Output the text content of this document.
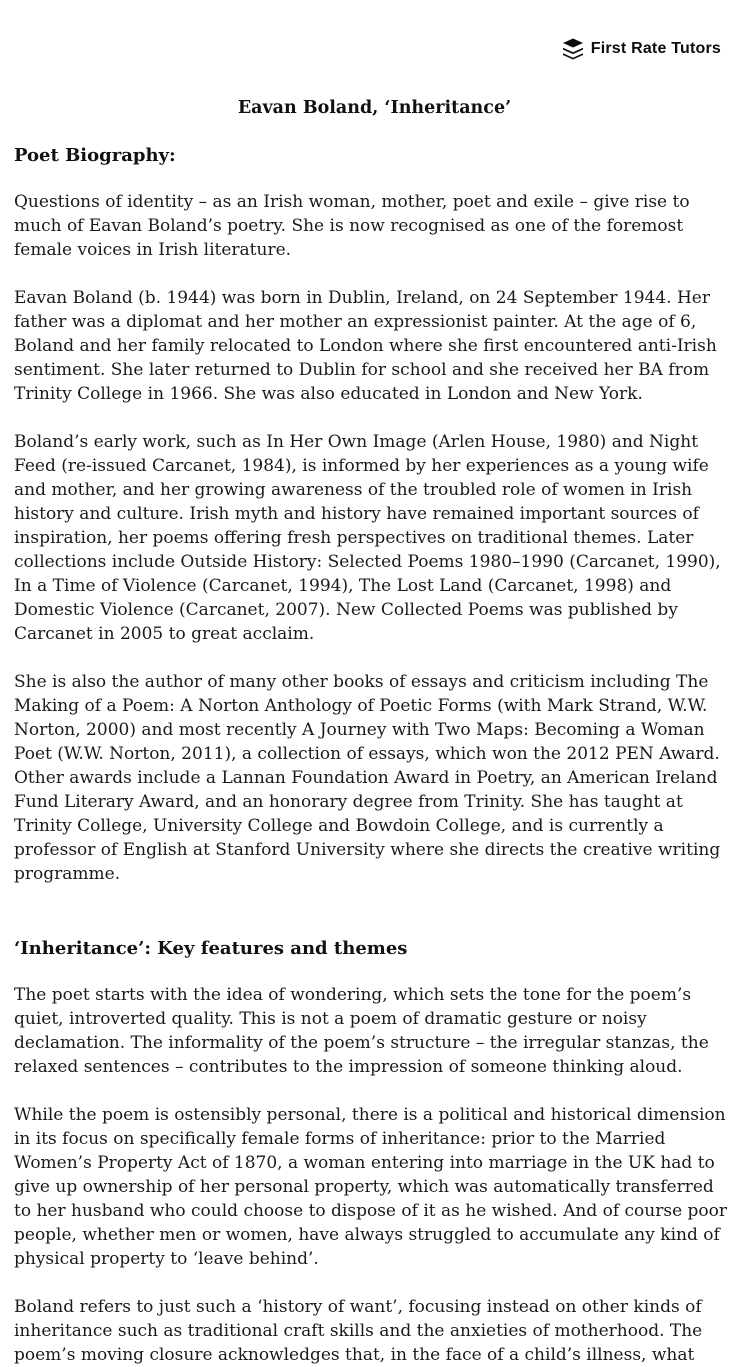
First Rate Tutors
Eavan Boland, ‘Inheritance’
Poet Biography:

Questions of identity – as an Irish woman, mother, poet and exile – give rise to much of Eavan Boland’s poetry. She is now recognised as one of the foremost female voices in Irish literature.

Eavan Boland (b. 1944) was born in Dublin, Ireland, on 24 September 1944. Her father was a diplomat and her mother an expressionist painter. At the age of 6, Boland and her family relocated to London where she first encountered anti-Irish sentiment. She later returned to Dublin for school and she received her BA from Trinity College in 1966. She was also educated in London and New York.

Boland’s early work, such as In Her Own Image (Arlen House, 1980) and Night Feed (re-issued Carcanet, 1984), is informed by her experiences as a young wife and mother, and her growing awareness of the troubled role of women in Irish history and culture. Irish myth and history have remained important sources of inspiration, her poems offering fresh perspectives on traditional themes. Later collections include Outside History: Selected Poems 1980–1990 (Carcanet, 1990), In a Time of Violence (Carcanet, 1994), The Lost Land (Carcanet, 1998) and Domestic Violence (Carcanet, 2007). New Collected Poems was published by Carcanet in 2005 to great acclaim.

She is also the author of many other books of essays and criticism including The Making of a Poem: A Norton Anthology of Poetic Forms (with Mark Strand, W.W. Norton, 2000) and most recently A Journey with Two Maps: Becoming a Woman Poet (W.W. Norton, 2011), a collection of essays, which won the 2012 PEN Award. Other awards include a Lannan Foundation Award in Poetry, an American Ireland Fund Literary Award, and an honorary degree from Trinity. She has taught at Trinity College, University College and Bowdoin College, and is currently a professor of English at Stanford University where she directs the creative writing programme.

‘Inheritance’: Key features and themes

The poet starts with the idea of wondering, which sets the tone for the poem’s quiet, introverted quality. This is not a poem of dramatic gesture or noisy declamation. The informality of the poem’s structure – the irregular stanzas, the relaxed sentences – contributes to the impression of someone thinking aloud.

While the poem is ostensibly personal, there is a political and historical dimension in its focus on specifically female forms of inheritance: prior to the Married Women’s Property Act of 1870, a woman entering into marriage in the UK had to give up ownership of her personal property, which was automatically transferred to her husband who could choose to dispose of it as he wished. And of course poor people, whether men or women, have always struggled to accumulate any kind of physical property to ‘leave behind’.

Boland refers to just such a ‘history of want’, focusing instead on other kinds of inheritance such as traditional craft skills and the anxieties of motherhood. The poem’s moving closure acknowledges that, in the face of a child’s illness, what
